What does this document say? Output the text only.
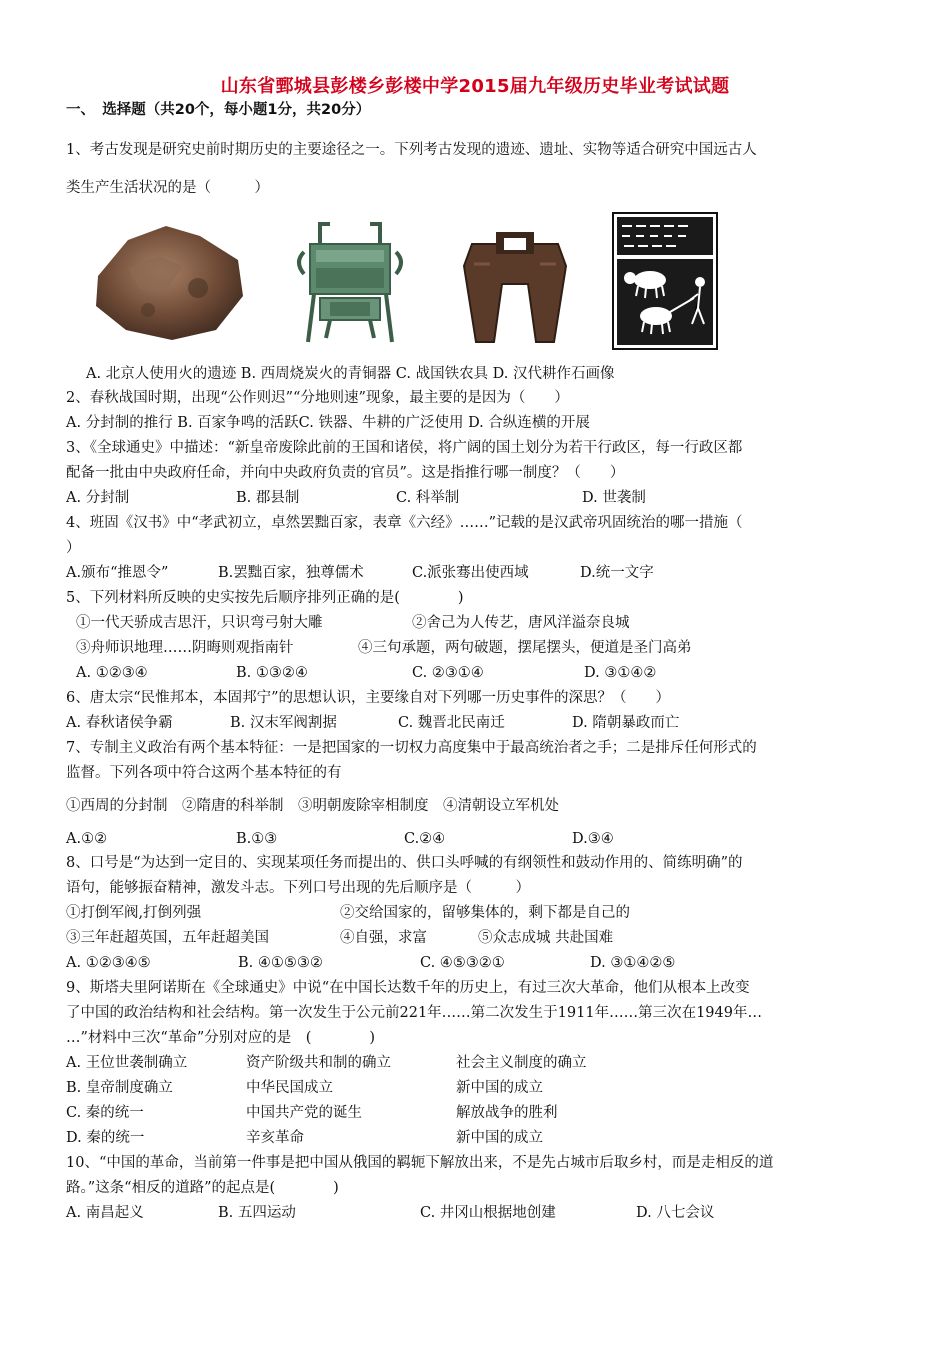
山东省鄄城县彭楼乡彭楼中学2015届九年级历史毕业考试试题
一、　选择题（共20个，每小题1分，共20分）
1、考古发现是研究史前时期历史的主要途径之一。下列考古发现的遗迹、遗址、实物等适合研究中国远古人
类生产生活状况的是（　　　）
A. 北京人使用火的遗迹 B. 西周烧炭火的青铜器 C. 战国铁农具 D. 汉代耕作石画像
2、春秋战国时期，出现“公作则迟”“分地则速”现象，最主要的是因为（　　）
A. 分封制的推行 B. 百家争鸣的活跃C. 铁器、牛耕的广泛使用 D. 合纵连横的开展
3、《全球通史》中描述：“新皇帝废除此前的王国和诸侯，将广阔的国土划分为若干行政区，每一行政区都
配备一批由中央政府任命，并向中央政府负责的官员”。这是指推行哪一制度？（　　）
A. 分封制	B. 郡县制	C. 科举制	D. 世袭制
4、班固《汉书》中“孝武初立，卓然罢黜百家，表章《六经》……”记载的是汉武帝巩固统治的哪一措施（
）
A.颁布“推恩令”	B.罢黜百家，独尊儒术	C.派张骞出使西域	D.统一文字
5、下列材料所反映的史实按先后顺序排列正确的是(　　　　)
①一代天骄成吉思汗，只识弯弓射大雕	②舍己为人传艺，唐风洋溢奈良城
③舟师识地理……阴晦则观指南针	④三句承题，两句破题，摆尾摆头，便道是圣门高弟
A. ①②③④	B. ①③②④	C. ②③①④	D. ③①④②
6、唐太宗“民惟邦本，本固邦宁”的思想认识，主要缘自对下列哪一历史事件的深思？（　　）
A. 春秋诸侯争霸	B. 汉末军阀割据	C. 魏晋北民南迁	D. 隋朝暴政而亡
7、专制主义政治有两个基本特征：一是把国家的一切权力高度集中于最高统治者之手；二是排斥任何形式的
监督。下列各项中符合这两个基本特征的有
①西周的分封制　②隋唐的科举制　③明朝废除宰相制度　④清朝设立军机处
A.①②	B.①③	C.②④	D.③④
8、口号是“为达到一定目的、实现某项任务而提出的、供口头呼喊的有纲领性和鼓动作用的、简练明确”的
语句，能够振奋精神，激发斗志。下列口号出现的先后顺序是（　　　）
①打倒军阀,打倒列强	②交给国家的，留够集体的，剩下都是自己的
③三年赶超英国，五年赶超美国	④自强，求富	⑤众志成城 共赴国难
A. ①②③④⑤	B. ④①⑤③②	C. ④⑤③②①	D. ③①④②⑤
9、斯塔夫里阿诺斯在《全球通史》中说“在中国长达数千年的历史上，有过三次大革命，他们从根本上改变
了中国的政治结构和社会结构。第一次发生于公元前221年……第二次发生于1911年……第三次在1949年…
…”材料中三次“革命”分别对应的是　(　　　　)
A. 王位世袭制确立	资产阶级共和制的确立	社会主义制度的确立
B. 皇帝制度确立	中华民国成立	新中国的成立
C. 秦的统一	中国共产党的诞生	解放战争的胜利
D. 秦的统一	辛亥革命	新中国的成立
10、“中国的革命，当前第一件事是把中国从俄国的羁轭下解放出来，不是先占城市后取乡村，而是走相反的道
路。”这条“相反的道路”的起点是(　　　　)
A. 南昌起义	B. 五四运动	C. 井冈山根据地创建	D. 八七会议
